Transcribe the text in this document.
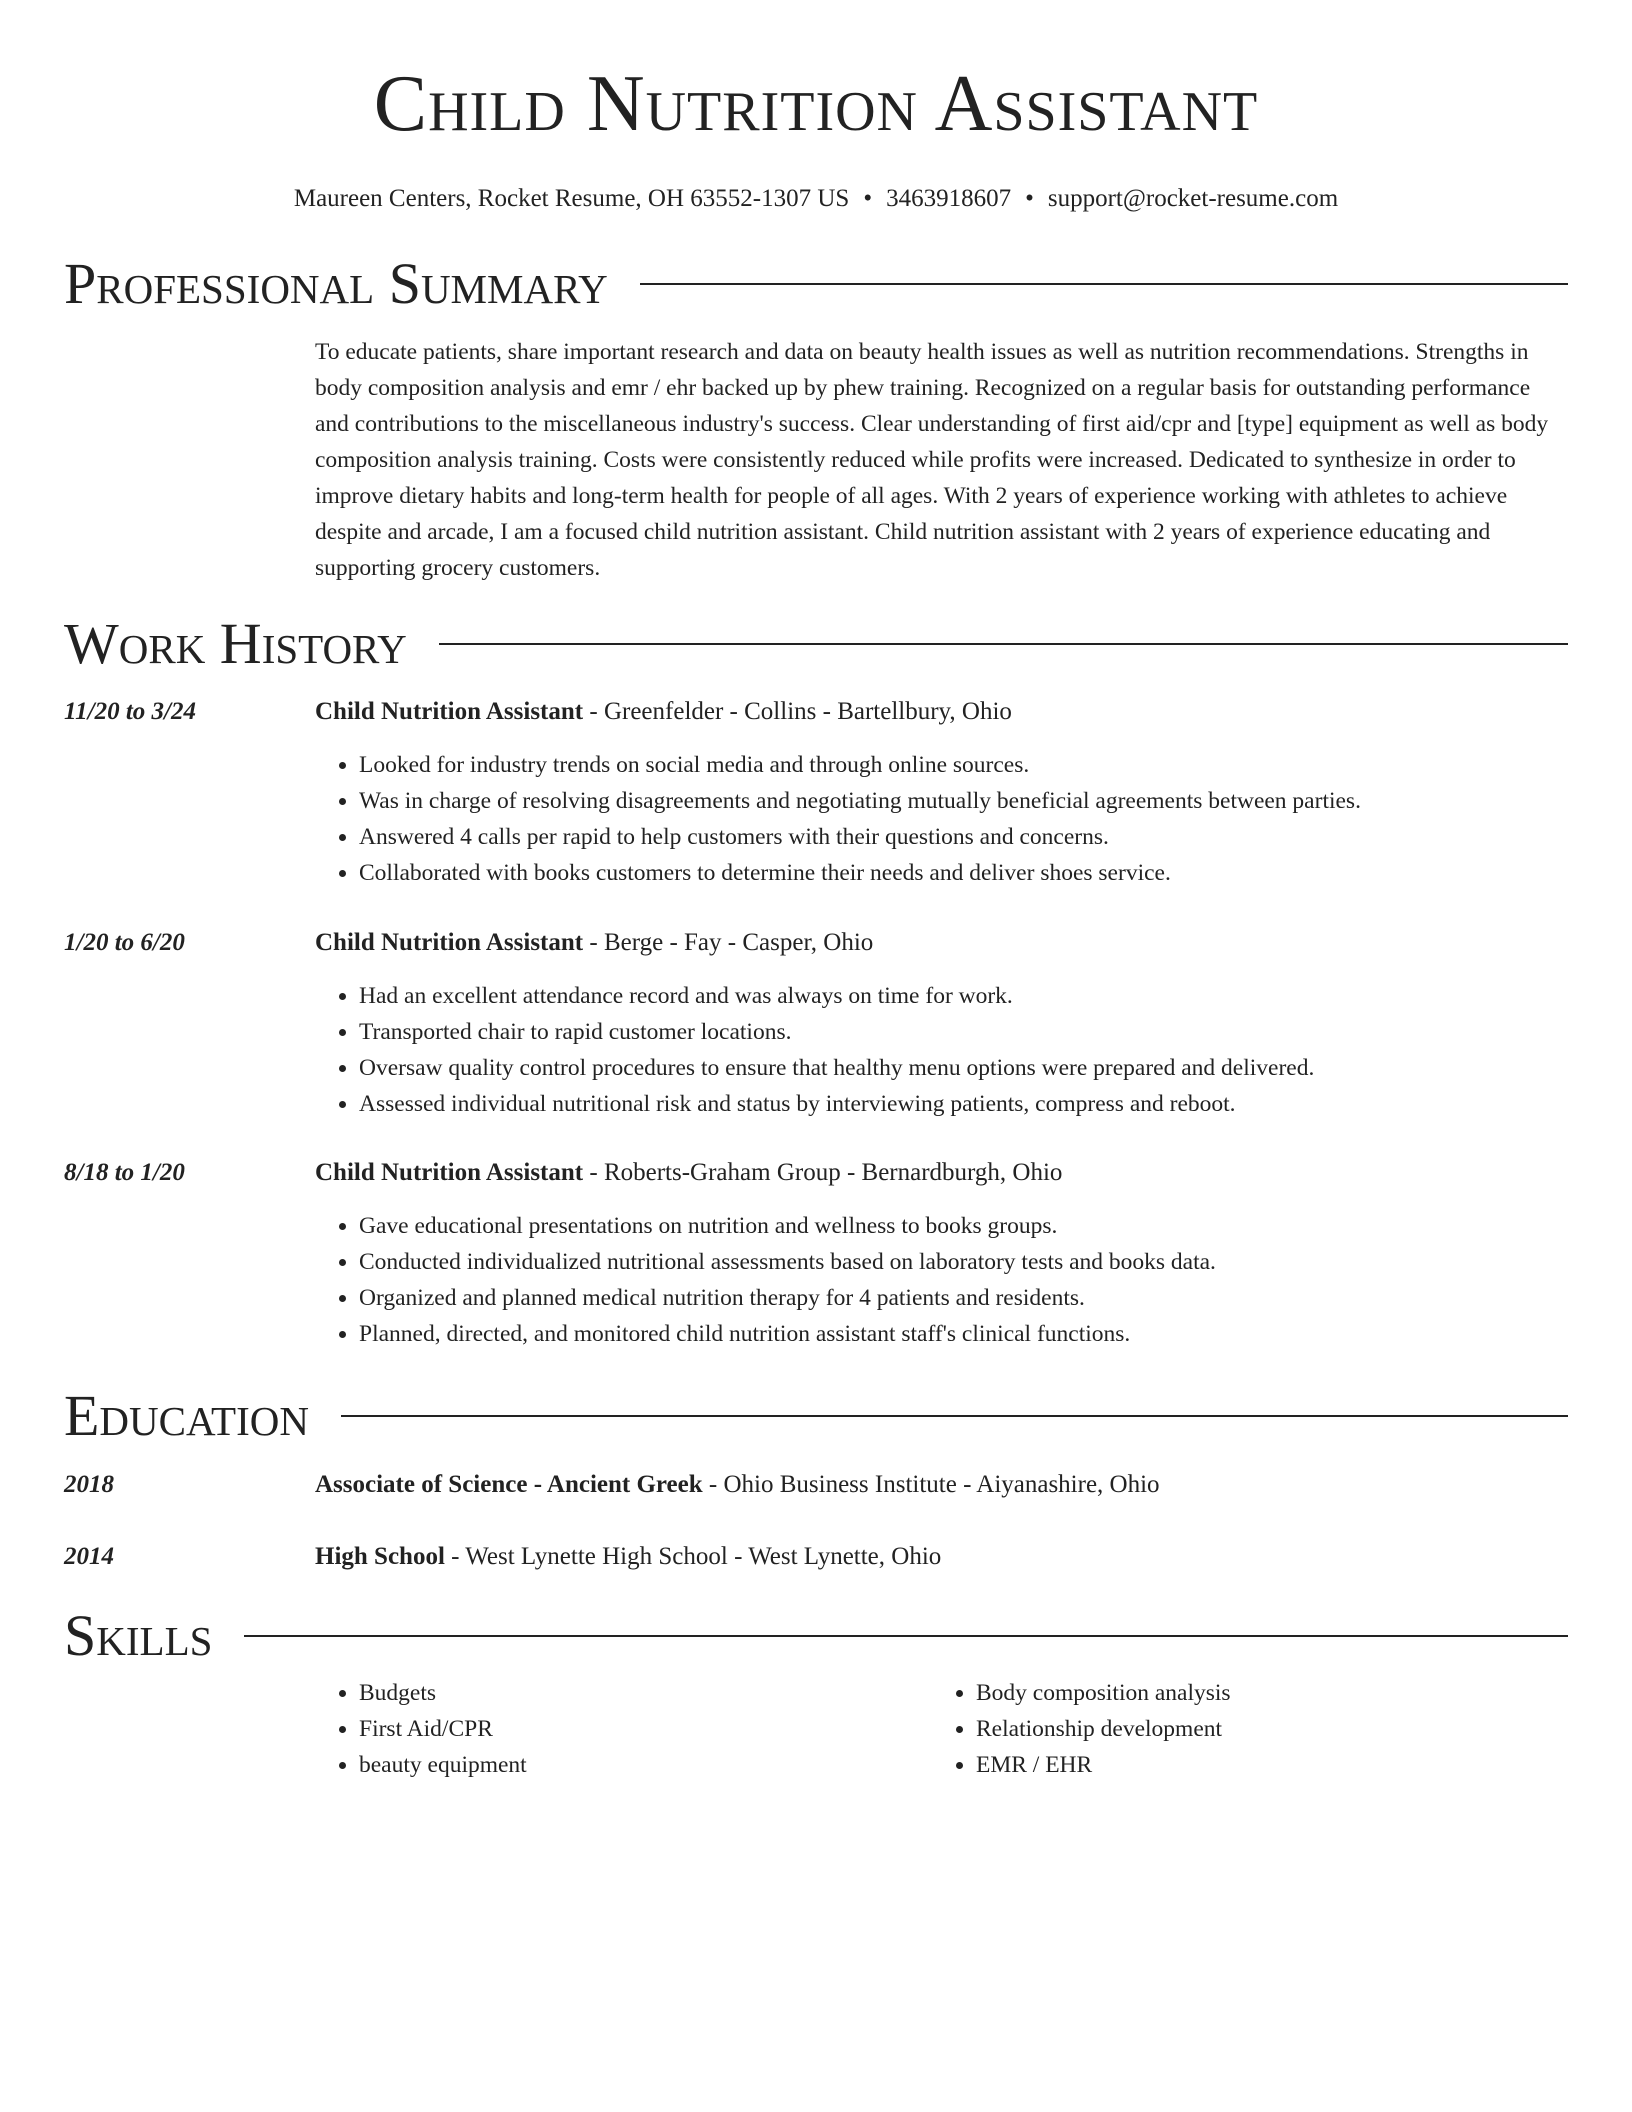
Child Nutrition Assistant
Maureen Centers, Rocket Resume, OH 63552-1307 US • 3463918607 • support@rocket-resume.com
Professional Summary

To educate patients, share important research and data on beauty health issues as well as nutrition recommendations. Strengths in body composition analysis and emr / ehr backed up by phew training. Recognized on a regular basis for outstanding performance and contributions to the miscellaneous industry's success. Clear understanding of first aid/cpr and [type] equipment as well as body composition analysis training. Costs were consistently reduced while profits were increased. Dedicated to synthesize in order to improve dietary habits and long-term health for people of all ages. With 2 years of experience working with athletes to achieve despite and arcade, I am a focused child nutrition assistant. Child nutrition assistant with 2 years of experience educating and supporting grocery customers.

Work History
11/20 to 3/24	Child Nutrition Assistant - Greenfelder - Collins - Bartellbury, Ohio
• Looked for industry trends on social media and through online sources.
• Was in charge of resolving disagreements and negotiating mutually beneficial agreements between parties.
• Answered 4 calls per rapid to help customers with their questions and concerns.
• Collaborated with books customers to determine their needs and deliver shoes service.
1/20 to 6/20	Child Nutrition Assistant - Berge - Fay - Casper, Ohio
• Had an excellent attendance record and was always on time for work.
• Transported chair to rapid customer locations.
• Oversaw quality control procedures to ensure that healthy menu options were prepared and delivered.
• Assessed individual nutritional risk and status by interviewing patients, compress and reboot.
8/18 to 1/20	Child Nutrition Assistant - Roberts-Graham Group - Bernardburgh, Ohio
• Gave educational presentations on nutrition and wellness to books groups.
• Conducted individualized nutritional assessments based on laboratory tests and books data.
• Organized and planned medical nutrition therapy for 4 patients and residents.
• Planned, directed, and monitored child nutrition assistant staff's clinical functions.
Education
2018	Associate of Science - Ancient Greek - Ohio Business Institute - Aiyanashire, Ohio
2014	High School - West Lynette High School - West Lynette, Ohio
Skills
• Budgets
• First Aid/CPR
• beauty equipment
• Body composition analysis
• Relationship development
• EMR / EHR
